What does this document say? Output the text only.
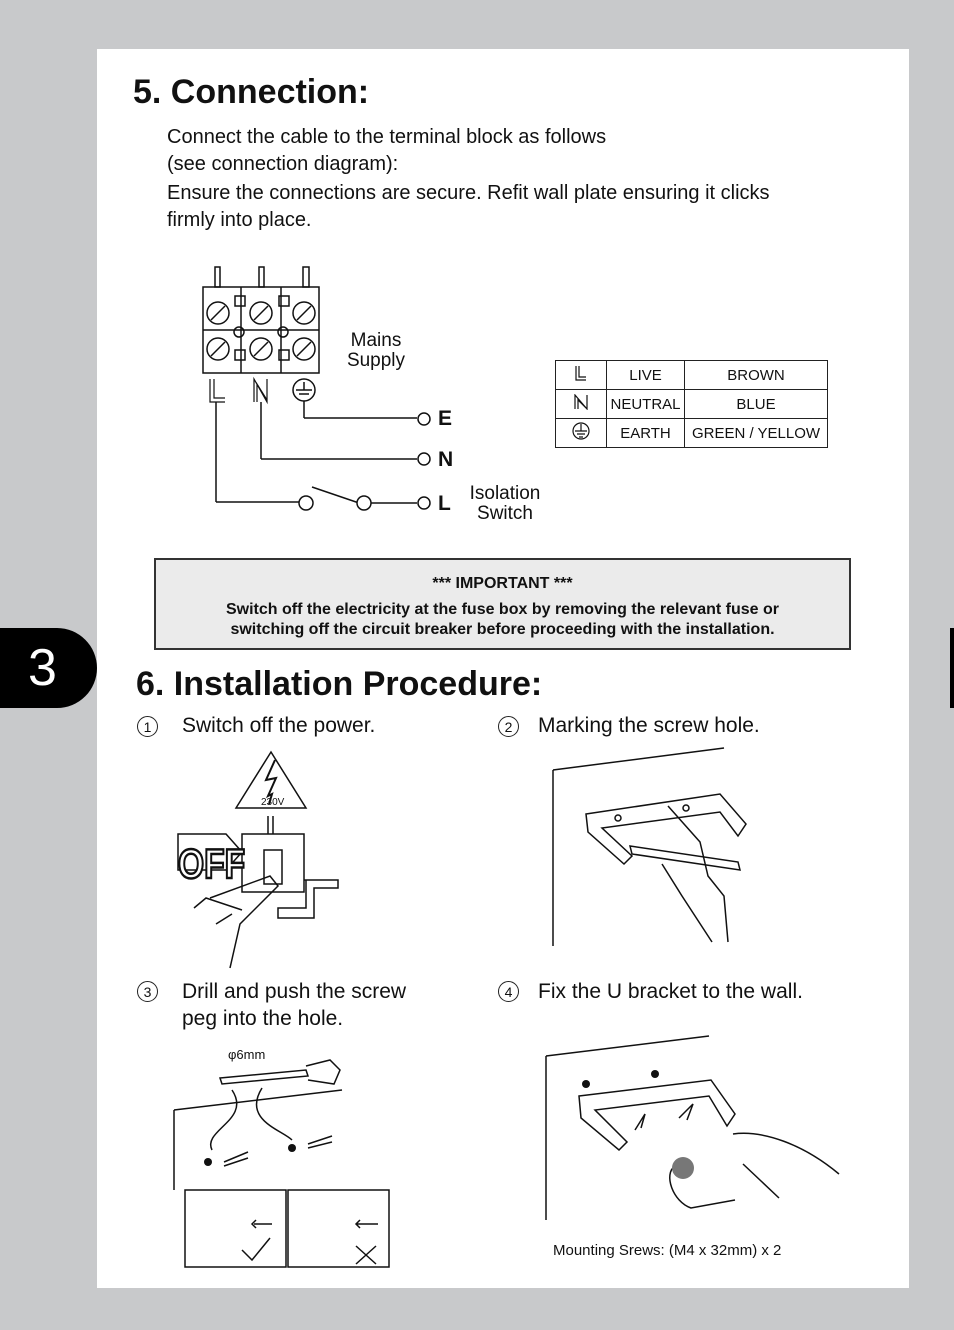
3
5. Connection:
Connect the cable to the terminal block as follows
(see connection diagram):
Ensure the connections are secure. Refit wall plate ensuring it clicks
firmly into place.
Mains
Supply
E
N
L Isolation
Switch
	LIVE	BROWN
	NEUTRAL	BLUE
	EARTH	GREEN / YELLOW
*** IMPORTANT ***
Switch off the electricity at the fuse box by removing the relevant fuse or
switching off the circuit breaker before proceeding with the installation.
6. Installation Procedure:
1	Switch off the power.	2	Marking the screw hole.
3	Drill and push the screw
peg into the hole.
4	Fix the U bracket to the wall.
230V
OFF
φ6mm
Mounting Srews: (M4 x 32mm) x 2
